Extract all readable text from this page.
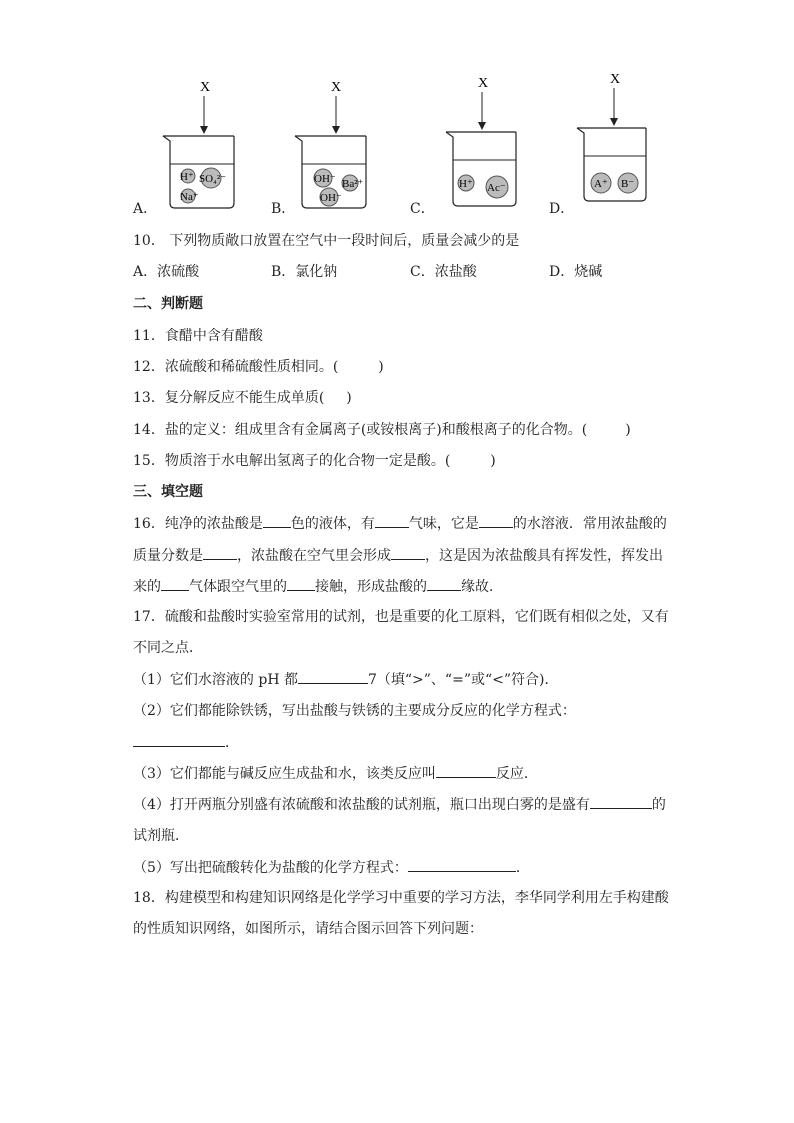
X
H⁺ SO₄²⁻
Na⁺
X
OH⁻ Ba²⁺
OH⁻
X
H⁺ Ac⁻
X
A⁺ B⁻
A．	B．	C．	D．
10． 下列物质敞口放置在空气中一段时间后，质量会减少的是
A．浓硫酸	B．氯化钠	C．浓盐酸	D．烧碱
二、判断题
11．食醋中含有醋酸
12．浓硫酸和稀硫酸性质相同。(	)
13．复分解反应不能生成单质( )
14．盐的定义：组成里含有金属离子(或铵根离子)和酸根离子的化合物。(	)
15．物质溶于水电解出氢离子的化合物一定是酸。(	)
三、填空题
16．纯净的浓盐酸是 色的液体，有 气味，它是 的水溶液．常用浓盐酸的
质量分数是 ，浓盐酸在空气里会形成 ，这是因为浓盐酸具有挥发性，挥发出
来的 气体跟空气里的 接触，形成盐酸的 缘故．
17．硫酸和盐酸时实验室常用的试剂，也是重要的化工原料，它们既有相似之处，又有
不同之点．
（1）它们水溶液的 pH 都	7（填“>”、“=”或“<”符合)．
（2）它们都能除铁锈，写出盐酸与铁锈的主要成分反应的化学方程式：
．
（3）它们都能与碱反应生成盐和水，该类反应叫	反应．
（4）打开两瓶分别盛有浓硫酸和浓盐酸的试剂瓶，瓶口出现白雾的是盛有	的
试剂瓶．
（5）写出把硫酸转化为盐酸的化学方程式：	．
18．构建模型和构建知识网络是化学学习中重要的学习方法，李华同学利用左手构建酸
的性质知识网络，如图所示，请结合图示回答下列问题：
